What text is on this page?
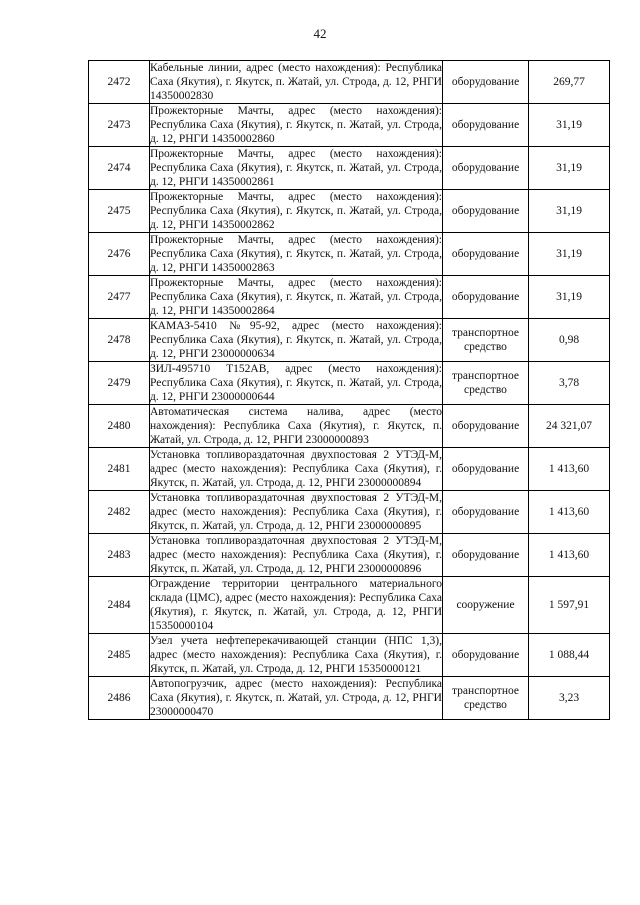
42
2472	Кабельные линии, адрес (место нахождения): Республика Саха (Якутия), г. Якутск, п. Жатай, ул. Строда, д. 12, РНГИ 14350002830	оборудование	269,77
2473	Прожекторные Мачты, адрес (место нахождения): Республика Саха (Якутия), г. Якутск, п. Жатай, ул. Строда, д. 12, РНГИ 14350002860	оборудование	31,19
2474	Прожекторные Мачты, адрес (место нахождения): Республика Саха (Якутия), г. Якутск, п. Жатай, ул. Строда, д. 12, РНГИ 14350002861	оборудование	31,19
2475	Прожекторные Мачты, адрес (место нахождения): Республика Саха (Якутия), г. Якутск, п. Жатай, ул. Строда, д. 12, РНГИ 14350002862	оборудование	31,19
2476	Прожекторные Мачты, адрес (место нахождения): Республика Саха (Якутия), г. Якутск, п. Жатай, ул. Строда, д. 12, РНГИ 14350002863	оборудование	31,19
2477	Прожекторные Мачты, адрес (место нахождения): Республика Саха (Якутия), г. Якутск, п. Жатай, ул. Строда, д. 12, РНГИ 14350002864	оборудование	31,19
2478	КАМАЗ-5410 №95-92, адрес (место нахождения): Республика Саха (Якутия), г. Якутск, п. Жатай, ул. Строда, д. 12, РНГИ 23000000634	транспортное средство	0,98
2479	ЗИЛ-495710 Т152АВ, адрес (место нахождения): Республика Саха (Якутия), г. Якутск, п. Жатай, ул. Строда, д. 12, РНГИ 23000000644	транспортное средство	3,78
2480	Автоматическая система налива, адрес (место нахождения): Республика Саха (Якутия), г. Якутск, п. Жатай, ул. Строда, д. 12, РНГИ 23000000893	оборудование	24 321,07
2481	Установка топливораздаточная двухпостовая 2 УТЭД-М, адрес (место нахождения): Республика Саха (Якутия), г. Якутск, п. Жатай, ул. Строда, д. 12, РНГИ 23000000894	оборудование	1 413,60
2482	Установка топливораздаточная двухпостовая 2 УТЭД-М, адрес (место нахождения): Республика Саха (Якутия), г. Якутск, п. Жатай, ул. Строда, д. 12, РНГИ 23000000895	оборудование	1 413,60
2483	Установка топливораздаточная двухпостовая 2 УТЭД-М, адрес (место нахождения): Республика Саха (Якутия), г. Якутск, п. Жатай, ул. Строда, д. 12, РНГИ 23000000896	оборудование	1 413,60
2484	Ограждение территории центрального материального склада (ЦМС), адрес (место нахождения): Республика Саха (Якутия), г. Якутск, п. Жатай, ул. Строда, д. 12, РНГИ 15350000104	сооружение	1 597,91
2485	Узел учета нефтеперекачивающей станции (НПС 1,3), адрес (место нахождения): Республика Саха (Якутия), г. Якутск, п. Жатай, ул. Строда, д. 12, РНГИ 15350000121	оборудование	1 088,44
2486	Автопогрузчик, адрес (место нахождения): Республика Саха (Якутия), г. Якутск, п. Жатай, ул. Строда, д. 12, РНГИ 23000000470	транспортное средство	3,23
